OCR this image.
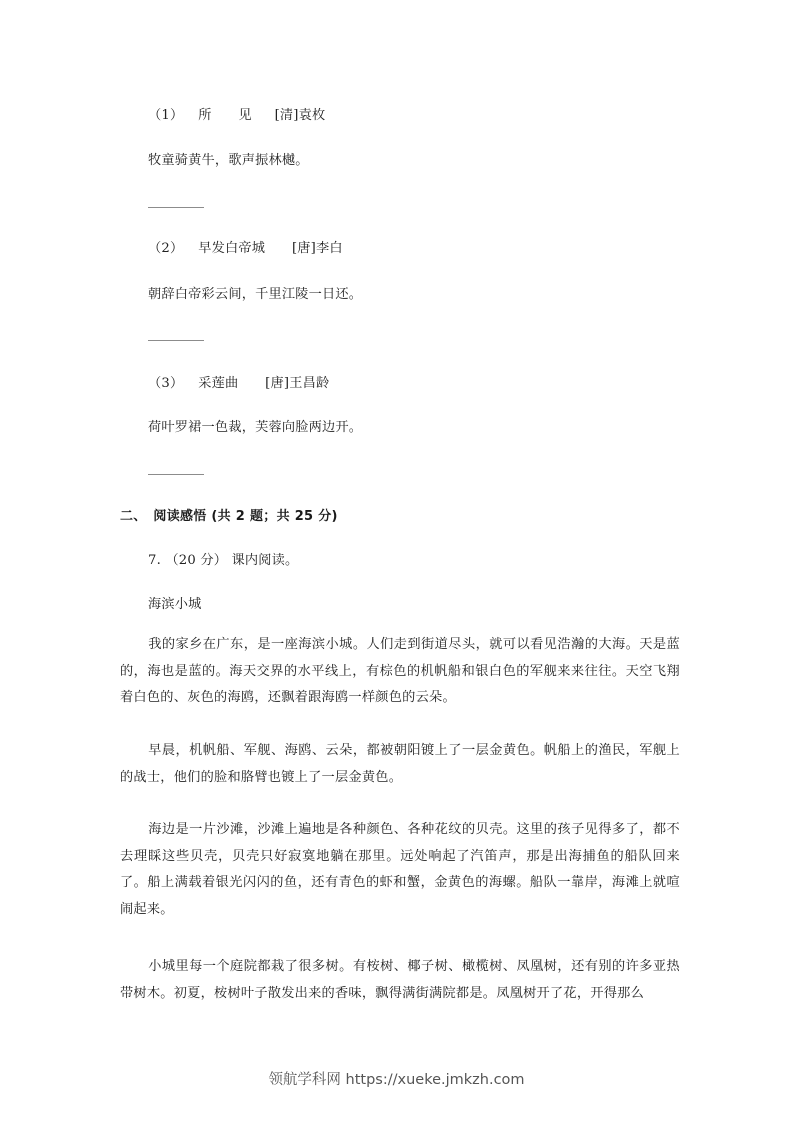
（1） 所　　见 [清]袁枚
牧童骑黄牛，歌声振林樾。
（2） 早发白帝城 [唐]李白
朝辞白帝彩云间，千里江陵一日还。
（3） 采莲曲 [唐]王昌龄
荷叶罗裙一色裁，芙蓉向脸两边开。
二、　阅读感悟 (共 2 题；共 25 分)
7. （20 分） 课内阅读。
海滨小城
我的家乡在广东，是一座海滨小城。人们走到街道尽头，就可以看见浩瀚的大海。天是蓝的，海也是蓝的。海天交界的水平线上，有棕色的机帆船和银白色的军舰来来往往。天空飞翔着白色的、灰色的海鸥，还飘着跟海鸥一样颜色的云朵。
早晨，机帆船、军舰、海鸥、云朵，都被朝阳镀上了一层金黄色。帆船上的渔民，军舰上的战士，他们的脸和胳臂也镀上了一层金黄色。
海边是一片沙滩，沙滩上遍地是各种颜色、各种花纹的贝壳。这里的孩子见得多了，都不去理睬这些贝壳，贝壳只好寂寞地躺在那里。远处响起了汽笛声，那是出海捕鱼的船队回来了。船上满载着银光闪闪的鱼，还有青色的虾和蟹，金黄色的海螺。船队一靠岸，海滩上就喧闹起来。
小城里每一个庭院都栽了很多树。有桉树、椰子树、橄榄树、凤凰树，还有别的许多亚热带树木。初夏，桉树叶子散发出来的香味，飘得满街满院都是。凤凰树开了花，开得那么
领航学科网 https://xueke.jmkzh.com
